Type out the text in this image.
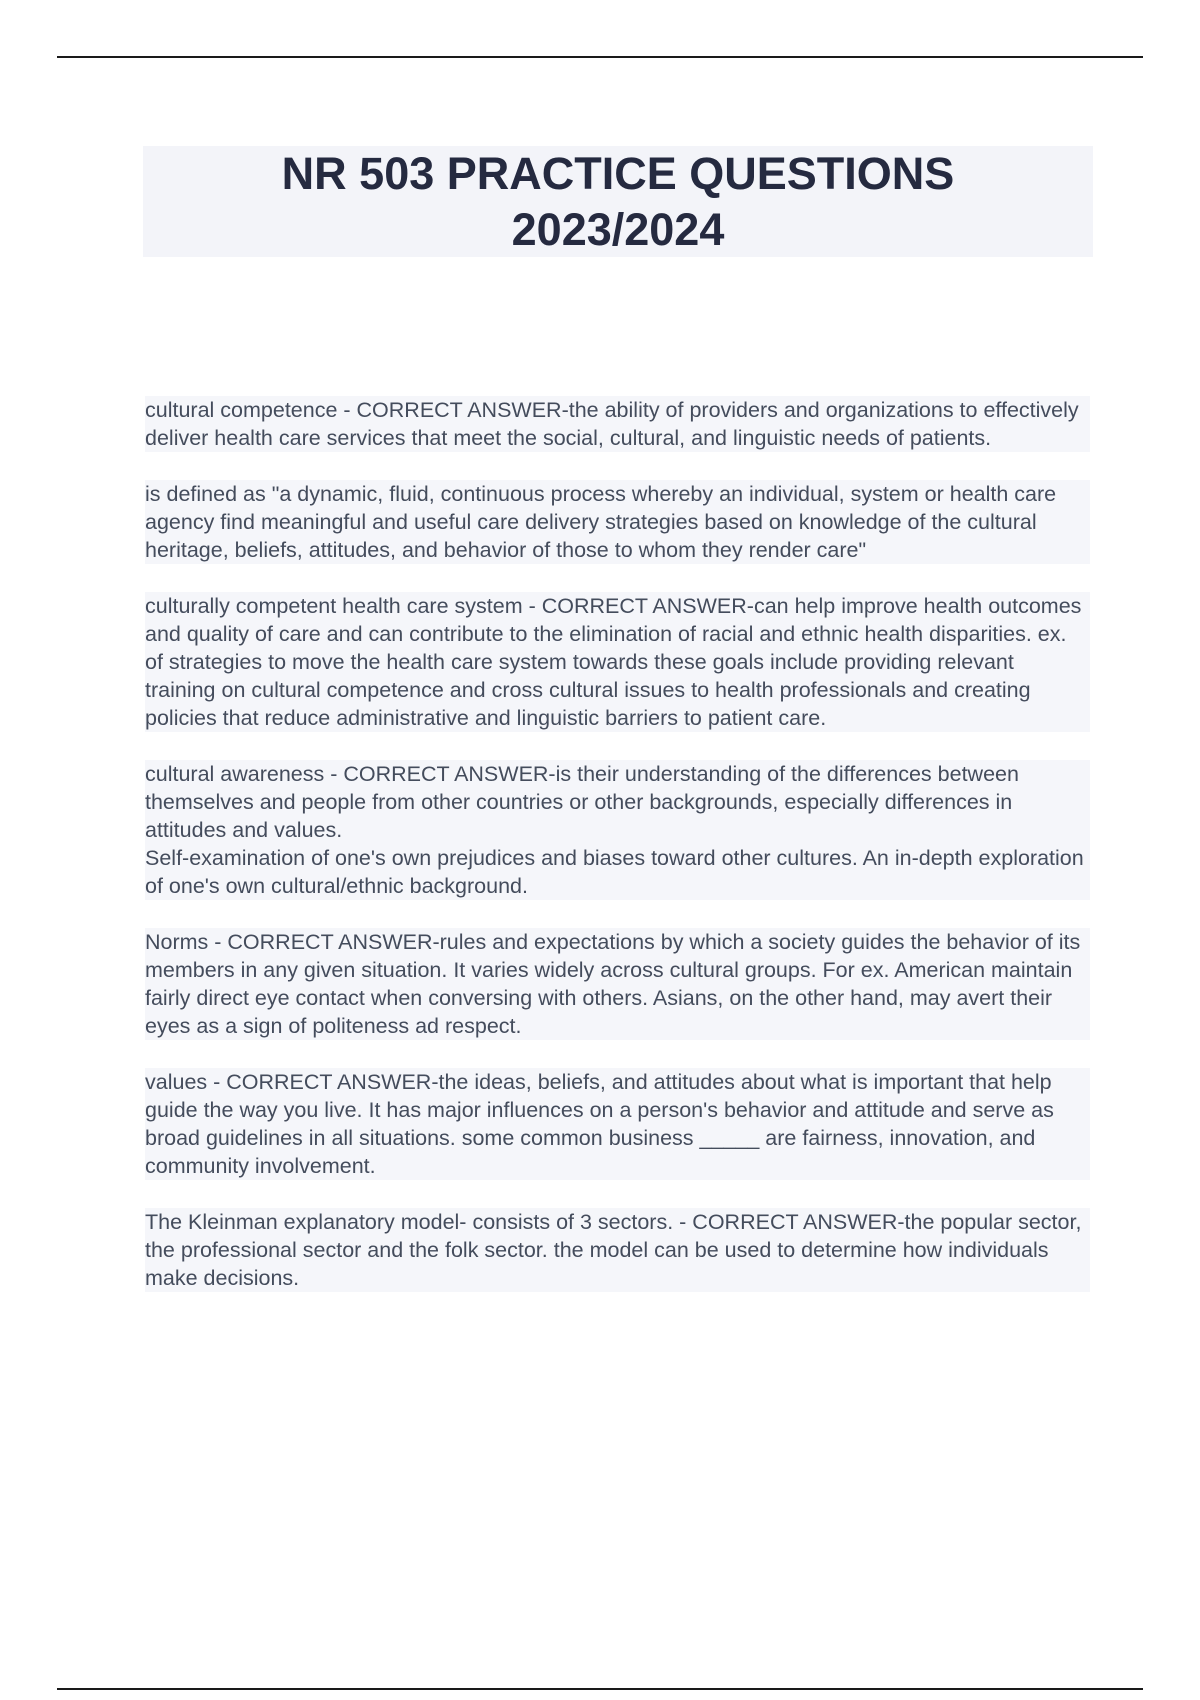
NR 503 PRACTICE QUESTIONS
2023/2024
cultural competence - CORRECT ANSWER-the ability of providers and organizations to effectively deliver health care services that meet the social, cultural, and linguistic needs of patients.
is defined as "a dynamic, fluid, continuous process whereby an individual, system or health care agency find meaningful and useful care delivery strategies based on knowledge of the cultural heritage, beliefs, attitudes, and behavior of those to whom they render care"
culturally competent health care system - CORRECT ANSWER-can help improve health outcomes and quality of care and can contribute to the elimination of racial and ethnic health disparities. ex. of strategies to move the health care system towards these goals include providing relevant training on cultural competence and cross cultural issues to health professionals and creating policies that reduce administrative and linguistic barriers to patient care.
cultural awareness - CORRECT ANSWER-is their understanding of the differences between themselves and people from other countries or other backgrounds, especially differences in attitudes and values.
Self-examination of one's own prejudices and biases toward other cultures. An in-depth exploration of one's own cultural/ethnic background.
Norms - CORRECT ANSWER-rules and expectations by which a society guides the behavior of its members in any given situation. It varies widely across cultural groups. For ex. American maintain fairly direct eye contact when conversing with others. Asians, on the other hand, may avert their eyes as a sign of politeness ad respect.
values - CORRECT ANSWER-the ideas, beliefs, and attitudes about what is important that help guide the way you live. It has major influences on a person's behavior and attitude and serve as broad guidelines in all situations. some common business _____ are fairness, innovation, and community involvement.
The Kleinman explanatory model- consists of 3 sectors. - CORRECT ANSWER-the popular sector, the professional sector and the folk sector. the model can be used to determine how individuals make decisions.
